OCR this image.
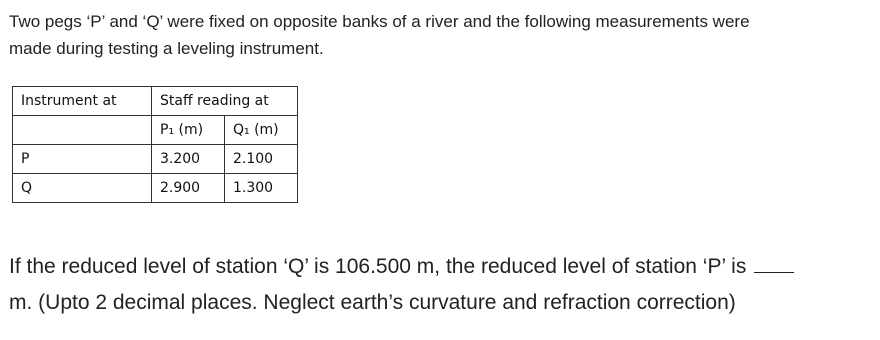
Two pegs ‘P’ and ‘Q’ were fixed on opposite banks of a river and the following measurements were
made during testing a leveling instrument.

Instrument at	Staff reading at	
	P₁ (m)	Q₁ (m)
P	3.200	2.100
Q	2.900	1.300

If the reduced level of station ‘Q’ is 106.500 m, the reduced level of station ‘P’ is
m. (Upto 2 decimal places. Neglect earth’s curvature and refraction correction)
